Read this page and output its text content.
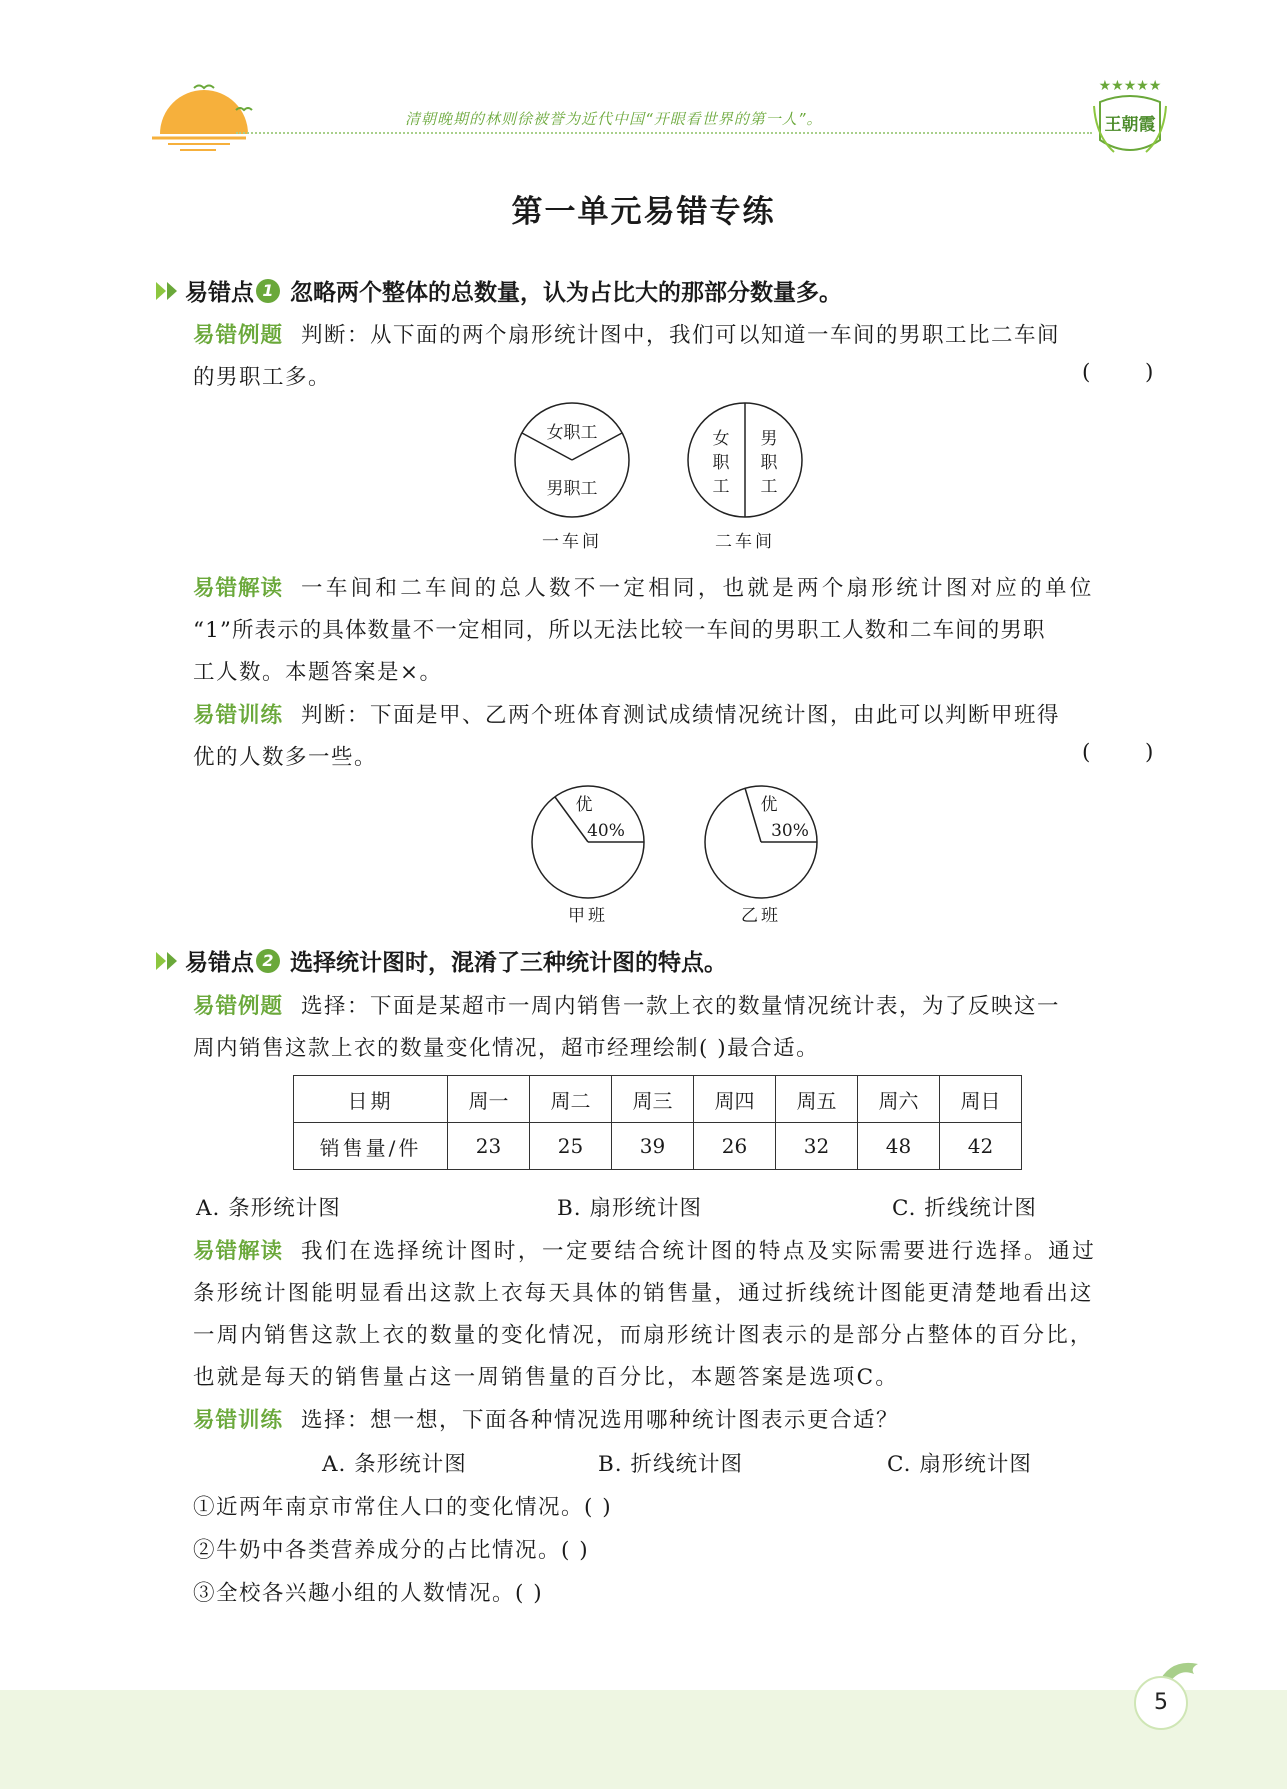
清朝晚期的林则徐被誉为近代中国“开眼看世界的第一人”。
★★★★★
王朝霞
第一单元易错专练
易错点 1 忽略两个整体的总数量，认为占比大的那部分数量多。
易错例题 判断：从下面的两个扇形统计图中，我们可以知道一车间的男职工比二车间
的男职工多。	(        )
女职工
男职工
一车间
女
职
工
男
职
工
二车间
易错解读 一车间和二车间的总人数不一定相同，也就是两个扇形统计图对应的单位
“1”所表示的具体数量不一定相同，所以无法比较一车间的男职工人数和二车间的男职
工人数。本题答案是×。
易错训练 判断：下面是甲、乙两个班体育测试成绩情况统计图，由此可以判断甲班得
优的人数多一些。	(        )
优
40%
甲班
优
30%
乙班
易错点 2 选择统计图时，混淆了三种统计图的特点。
易错例题 选择：下面是某超市一周内销售一款上衣的数量情况统计表，为了反映这一
周内销售这款上衣的数量变化情况，超市经理绘制( )最合适。
日期	周一	周二	周三	周四	周五	周六	周日
销售量/件	23	25	39	26	32	48	42
A. 条形统计图	B. 扇形统计图	C. 折线统计图
易错解读 我们在选择统计图时，一定要结合统计图的特点及实际需要进行选择。通过
条形统计图能明显看出这款上衣每天具体的销售量，通过折线统计图能更清楚地看出这
一周内销售这款上衣的数量的变化情况，而扇形统计图表示的是部分占整体的百分比，
也就是每天的销售量占这一周销售量的百分比，本题答案是选项C。
易错训练 选择：想一想，下面各种情况选用哪种统计图表示更合适？
A. 条形统计图	B. 折线统计图	C. 扇形统计图
①近两年南京市常住人口的变化情况。( )
②牛奶中各类营养成分的占比情况。( )
③全校各兴趣小组的人数情况。( )
5
